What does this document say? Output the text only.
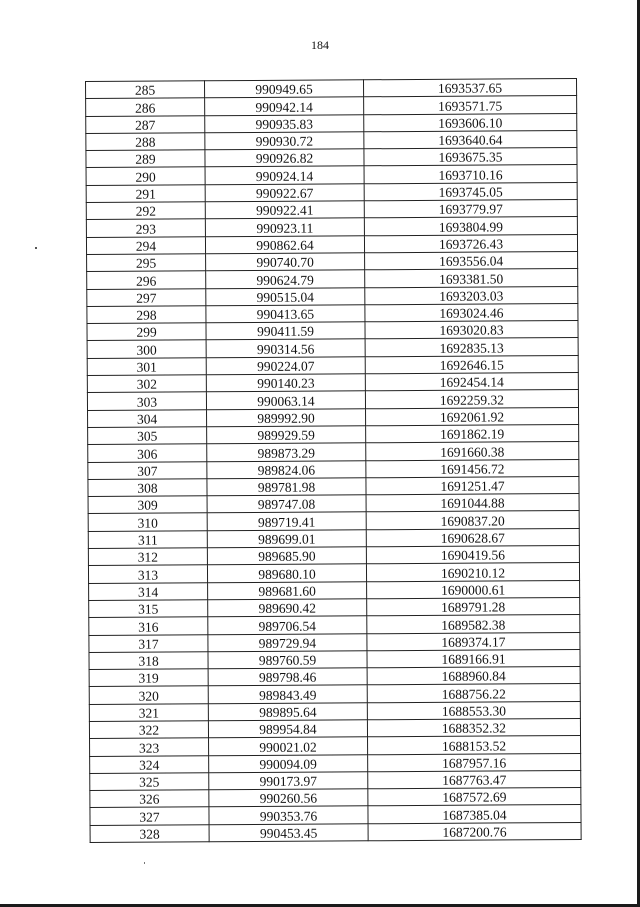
184
285	990949.65	1693537.65
286	990942.14	1693571.75
287	990935.83	1693606.10
288	990930.72	1693640.64
289	990926.82	1693675.35
290	990924.14	1693710.16
291	990922.67	1693745.05
292	990922.41	1693779.97
293	990923.11	1693804.99
294	990862.64	1693726.43
295	990740.70	1693556.04
296	990624.79	1693381.50
297	990515.04	1693203.03
298	990413.65	1693024.46
299	990411.59	1693020.83
300	990314.56	1692835.13
301	990224.07	1692646.15
302	990140.23	1692454.14
303	990063.14	1692259.32
304	989992.90	1692061.92
305	989929.59	1691862.19
306	989873.29	1691660.38
307	989824.06	1691456.72
308	989781.98	1691251.47
309	989747.08	1691044.88
310	989719.41	1690837.20
311	989699.01	1690628.67
312	989685.90	1690419.56
313	989680.10	1690210.12
314	989681.60	1690000.61
315	989690.42	1689791.28
316	989706.54	1689582.38
317	989729.94	1689374.17
318	989760.59	1689166.91
319	989798.46	1688960.84
320	989843.49	1688756.22
321	989895.64	1688553.30
322	989954.84	1688352.32
323	990021.02	1688153.52
324	990094.09	1687957.16
325	990173.97	1687763.47
326	990260.56	1687572.69
327	990353.76	1687385.04
328	990453.45	1687200.76
